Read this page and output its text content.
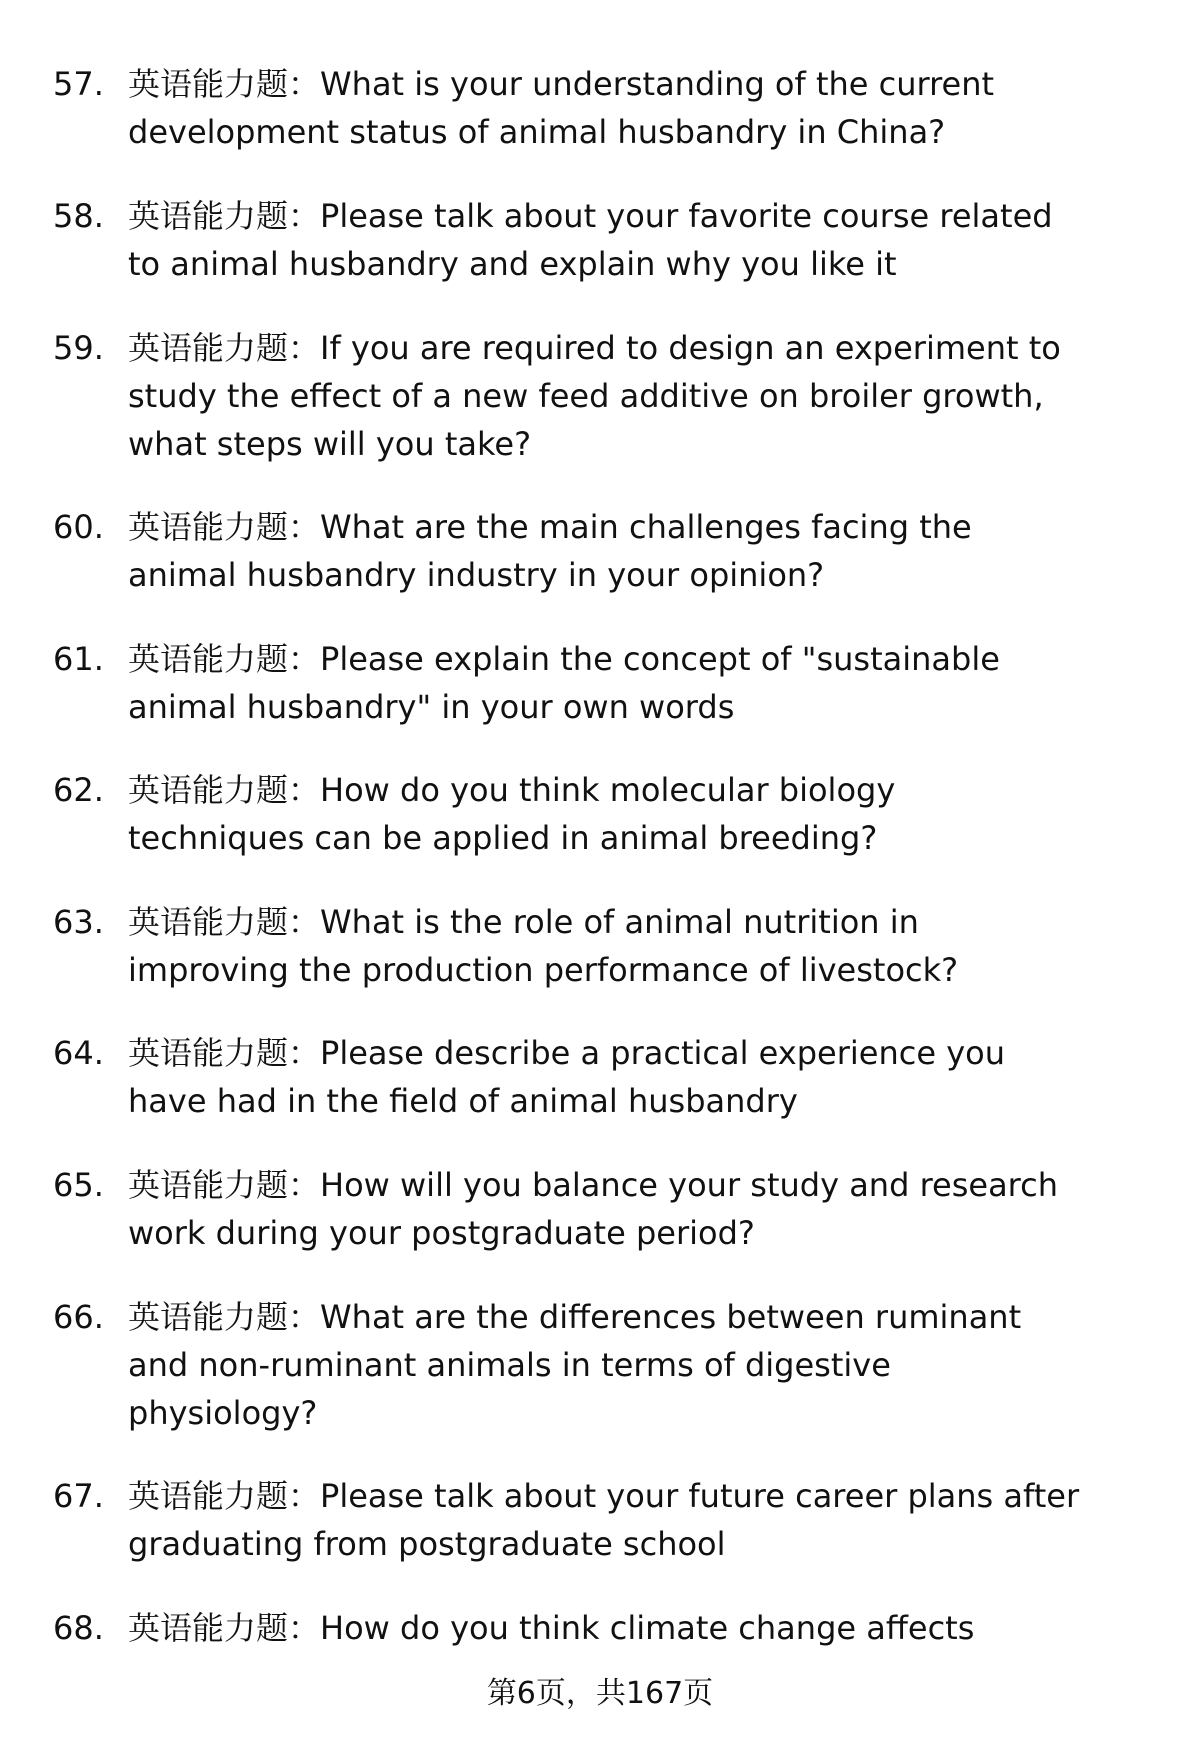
57. 英语能力题：What is your understanding of the current
development status of animal husbandry in China?
58. 英语能力题：Please talk about your favorite course related
to animal husbandry and explain why you like it
59. 英语能力题：If you are required to design an experiment to
study the effect of a new feed additive on broiler growth,
what steps will you take?
60. 英语能力题：What are the main challenges facing the
animal husbandry industry in your opinion?
61. 英语能力题：Please explain the concept of "sustainable
animal husbandry" in your own words
62. 英语能力题：How do you think molecular biology
techniques can be applied in animal breeding?
63. 英语能力题：What is the role of animal nutrition in
improving the production performance of livestock?
64. 英语能力题：Please describe a practical experience you
have had in the field of animal husbandry
65. 英语能力题：How will you balance your study and research
work during your postgraduate period?
66. 英语能力题：What are the differences between ruminant
and non-ruminant animals in terms of digestive
physiology?
67. 英语能力题：Please talk about your future career plans after
graduating from postgraduate school
68. 英语能力题：How do you think climate change affects
第6页，共167页
